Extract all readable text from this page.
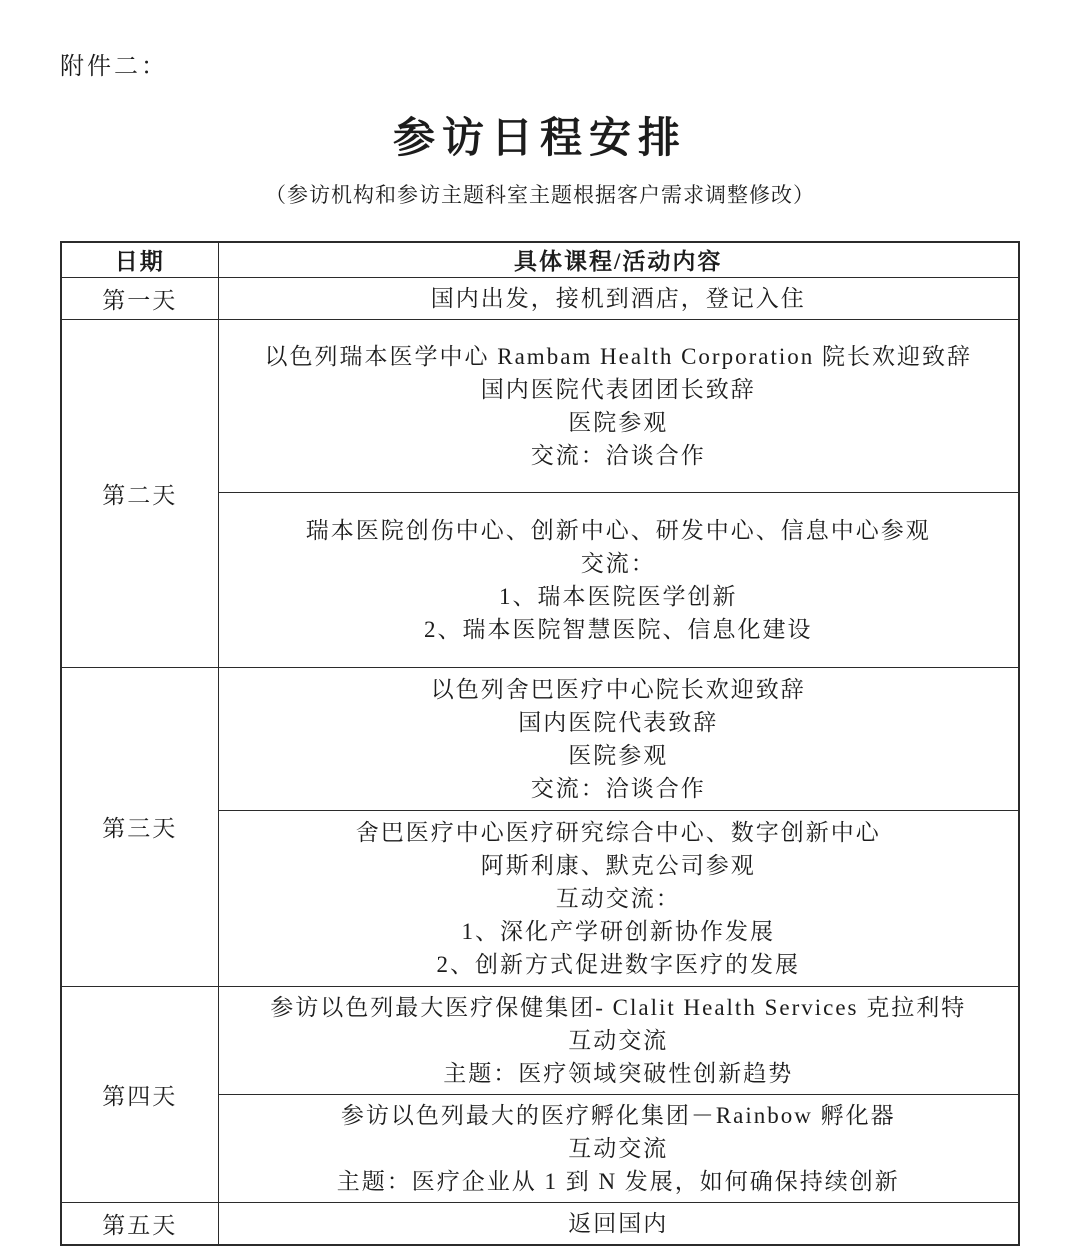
附件二：
参访日程安排
（参访机构和参访主题科室主题根据客户需求调整修改）
日期	具体课程/活动内容
第一天	国内出发，接机到酒店，登记入住

第二天	以色列瑞本医学中心 Rambam Health Corporation 院长欢迎致辞
国内医院代表团团长致辞
医院参观
交流：洽谈合作

	瑞本医院创伤中心、创新中心、研发中心、信息中心参观
交流：
1、瑞本医院医学创新
2、瑞本医院智慧医院、信息化建设

第三天	以色列舍巴医疗中心院长欢迎致辞
国内医院代表致辞
医院参观
交流：洽谈合作

	舍巴医疗中心医疗研究综合中心、数字创新中心
阿斯利康、默克公司参观
互动交流：
1、深化产学研创新协作发展
2、创新方式促进数字医疗的发展

第四天	参访以色列最大医疗保健集团- Clalit Health Services 克拉利特
互动交流
主题：医疗领域突破性创新趋势

	参访以色列最大的医疗孵化集团－Rainbow 孵化器
互动交流
主题：医疗企业从 1 到 N 发展，如何确保持续创新

第五天	返回国内
